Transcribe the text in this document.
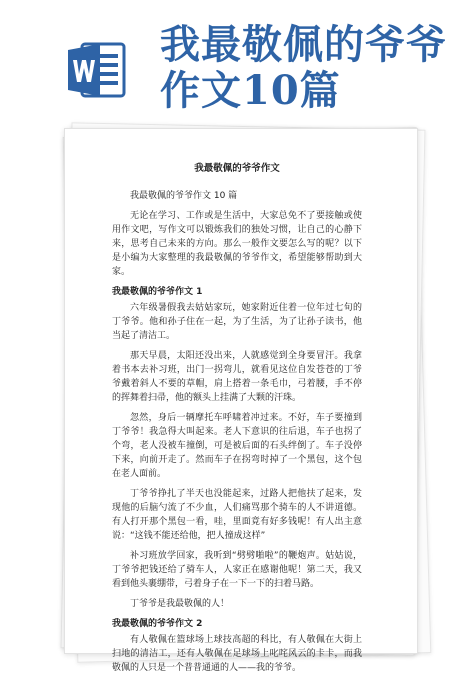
我最敬佩的爷爷作文10篇
我最敬佩的爷爷作文

我最敬佩的爷爷作文 10 篇

无论在学习、工作或是生活中，大家总免不了要接触或使用作文吧，写作文可以锻炼我们的独处习惯，让自己的心静下来，思考自己未来的方向。那么一般作文要怎么写的呢？以下是小编为大家整理的我最敬佩的爷爷作文，希望能够帮助到大家。

我最敬佩的爷爷作文 1

六年级暑假我去姑姑家玩，她家附近住着一位年过七旬的丁爷爷。他和孙子住在一起，为了生活，为了让孙子读书，他当起了清洁工。

那天早晨，太阳还没出来，人就感觉到全身要冒汗。我拿着书本去补习班，出门一拐弯儿，就看见这位自发苍苍的丁爷爷戴着斜人不要的草帽，肩上搭着一条毛巾，弓着腰，手不停的挥舞着扫帚，他的额头上挂满了大颗的汗珠。

忽然，身后一辆摩托车呼啸着冲过来。不好，车子要撞到丁爷爷！我急得大叫起来。老人下意识的往后退，车子也拐了个弯，老人没被车撞倒，可是被后面的石头绊倒了。车子没停下来，向前开走了。然而车子在拐弯时掉了一个黑包，这个包在老人面前。

丁爷爷挣扎了半天也没能起来，过路人把他扶了起来，发现他的后脑勺流了不少血，人们痛骂那个骑车的人不讲道德。有人打开那个黑包一看，哇，里面竟有好多钱呢！有人出主意说：“这钱不能还给他，把人撞成这样”

补习班放学回家，我听到“劈劈啪啦”的鞭炮声。姑姑说，丁爷爷把钱还给了骑车人，人家正在感谢他呢！第二天，我又看到他头裹绷带，弓着身子在一下一下的扫着马路。

丁爷爷是我最敬佩的人！

我最敬佩的爷爷作文 2

有人敬佩在篮球场上球技高超的科比，有人敬佩在大街上扫地的清洁工，还有人敬佩在足球场上叱咤风云的卡卡，而我敬佩的人只是一个普普通通的人——我的爷爷。
